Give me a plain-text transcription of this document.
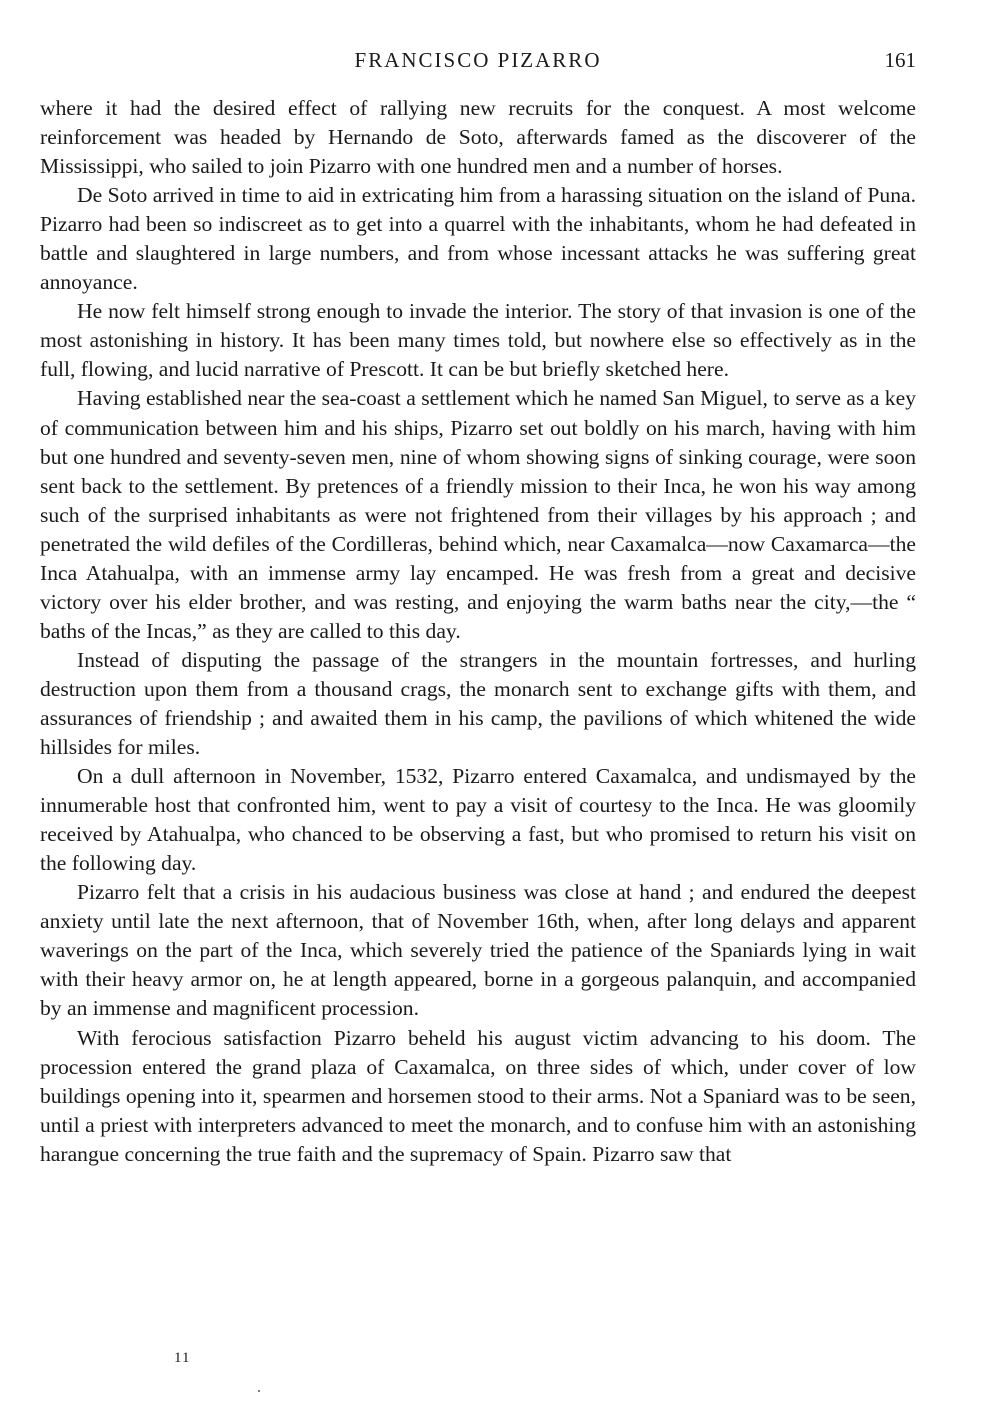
FRANCISCO PIZARRO	161

where it had the desired effect of rallying new recruits for the conquest. A most welcome reinforcement was headed by Hernando de Soto, afterwards famed as the discoverer of the Mississippi, who sailed to join Pizarro with one hundred men and a number of horses.

De Soto arrived in time to aid in extricating him from a harassing situation on the island of Puna. Pizarro had been so indiscreet as to get into a quarrel with the inhabitants, whom he had defeated in battle and slaughtered in large numbers, and from whose incessant attacks he was suffering great annoyance.

He now felt himself strong enough to invade the interior. The story of that invasion is one of the most astonishing in history. It has been many times told, but nowhere else so effectively as in the full, flowing, and lucid narrative of Prescott. It can be but briefly sketched here.

Having established near the sea-coast a settlement which he named San Miguel, to serve as a key of communication between him and his ships, Pizarro set out boldly on his march, having with him but one hundred and seventy-seven men, nine of whom showing signs of sinking courage, were soon sent back to the settlement. By pretences of a friendly mission to their Inca, he won his way among such of the surprised inhabitants as were not frightened from their villages by his approach ; and penetrated the wild defiles of the Cordilleras, behind which, near Caxamalca—now Caxamarca—the Inca Atahualpa, with an immense army lay encamped. He was fresh from a great and decisive victory over his elder brother, and was resting, and enjoying the warm baths near the city,—the “ baths of the Incas,” as they are called to this day.

Instead of disputing the passage of the strangers in the mountain fortresses, and hurling destruction upon them from a thousand crags, the monarch sent to exchange gifts with them, and assurances of friendship ; and awaited them in his camp, the pavilions of which whitened the wide hillsides for miles.

On a dull afternoon in November, 1532, Pizarro entered Caxamalca, and undismayed by the innumerable host that confronted him, went to pay a visit of courtesy to the Inca. He was gloomily received by Atahualpa, who chanced to be observing a fast, but who promised to return his visit on the following day.

Pizarro felt that a crisis in his audacious business was close at hand ; and endured the deepest anxiety until late the next afternoon, that of November 16th, when, after long delays and apparent waverings on the part of the Inca, which severely tried the patience of the Spaniards lying in wait with their heavy armor on, he at length appeared, borne in a gorgeous palanquin, and accompanied by an immense and magnificent procession.

With ferocious satisfaction Pizarro beheld his august victim advancing to his doom. The procession entered the grand plaza of Caxamalca, on three sides of which, under cover of low buildings opening into it, spearmen and horsemen stood to their arms. Not a Spaniard was to be seen, until a priest with interpreters advanced to meet the monarch, and to confuse him with an astonishing harangue concerning the true faith and the supremacy of Spain. Pizarro saw that

11
